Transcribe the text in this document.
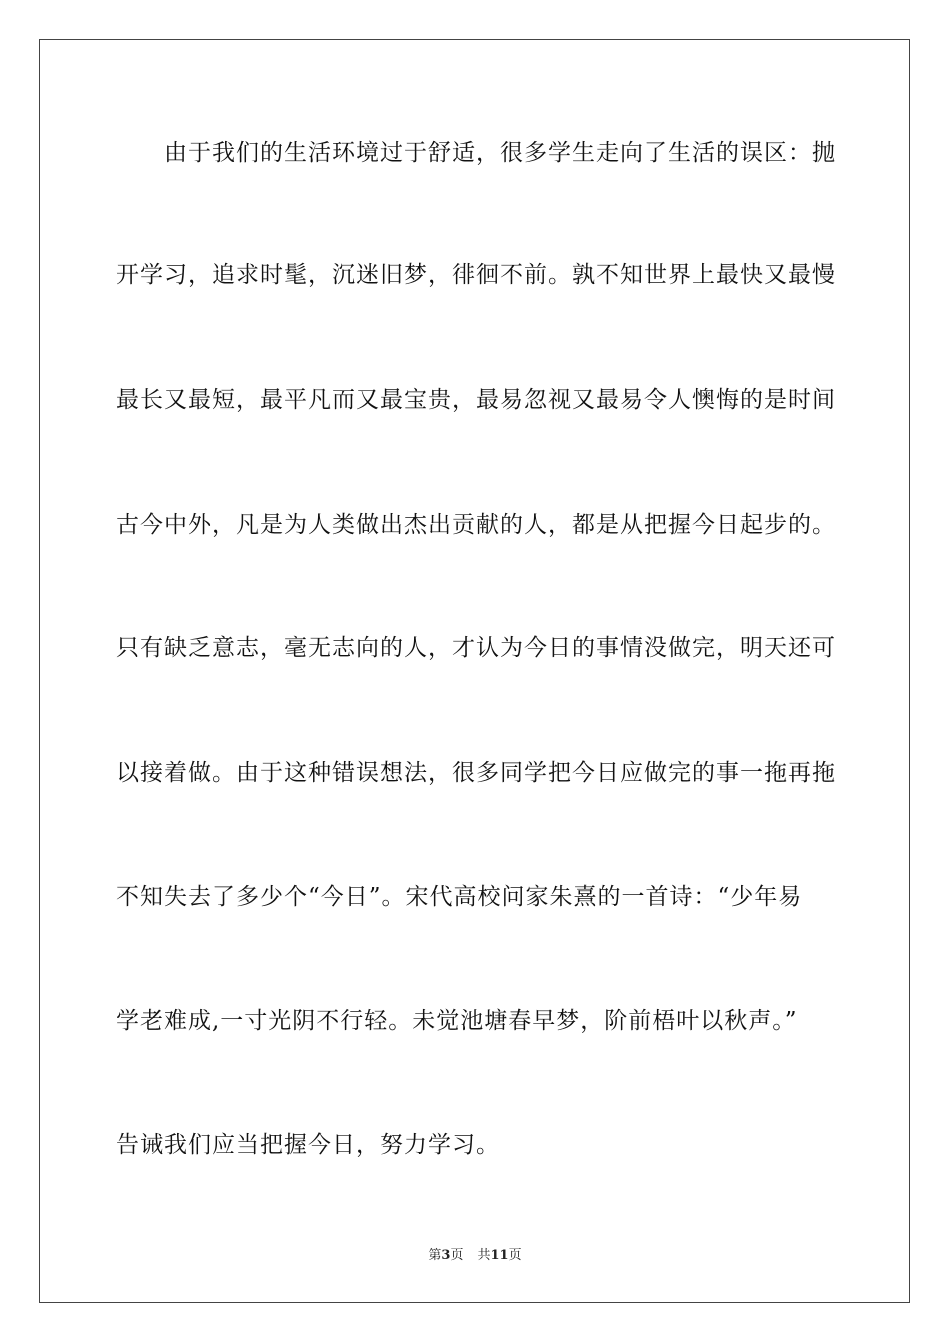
由于我们的生活环境过于舒适，很多学生走向了生活的误区：抛
开学习，追求时髦，沉迷旧梦，徘徊不前。孰不知世界上最快又最慢
最长又最短，最平凡而又最宝贵，最易忽视又最易令人懊悔的是时间
古今中外，凡是为人类做出杰出贡献的人，都是从把握今日起步的。
只有缺乏意志，毫无志向的人，才认为今日的事情没做完，明天还可
以接着做。由于这种错误想法，很多同学把今日应做完的事一拖再拖
不知失去了多少个“今日”。宋代高校问家朱熹的一首诗：“少年易
学老难成,一寸光阴不行轻。未觉池塘春早梦，阶前梧叶以秋声。”
告诫我们应当把握今日，努力学习。
第3页 共11页
